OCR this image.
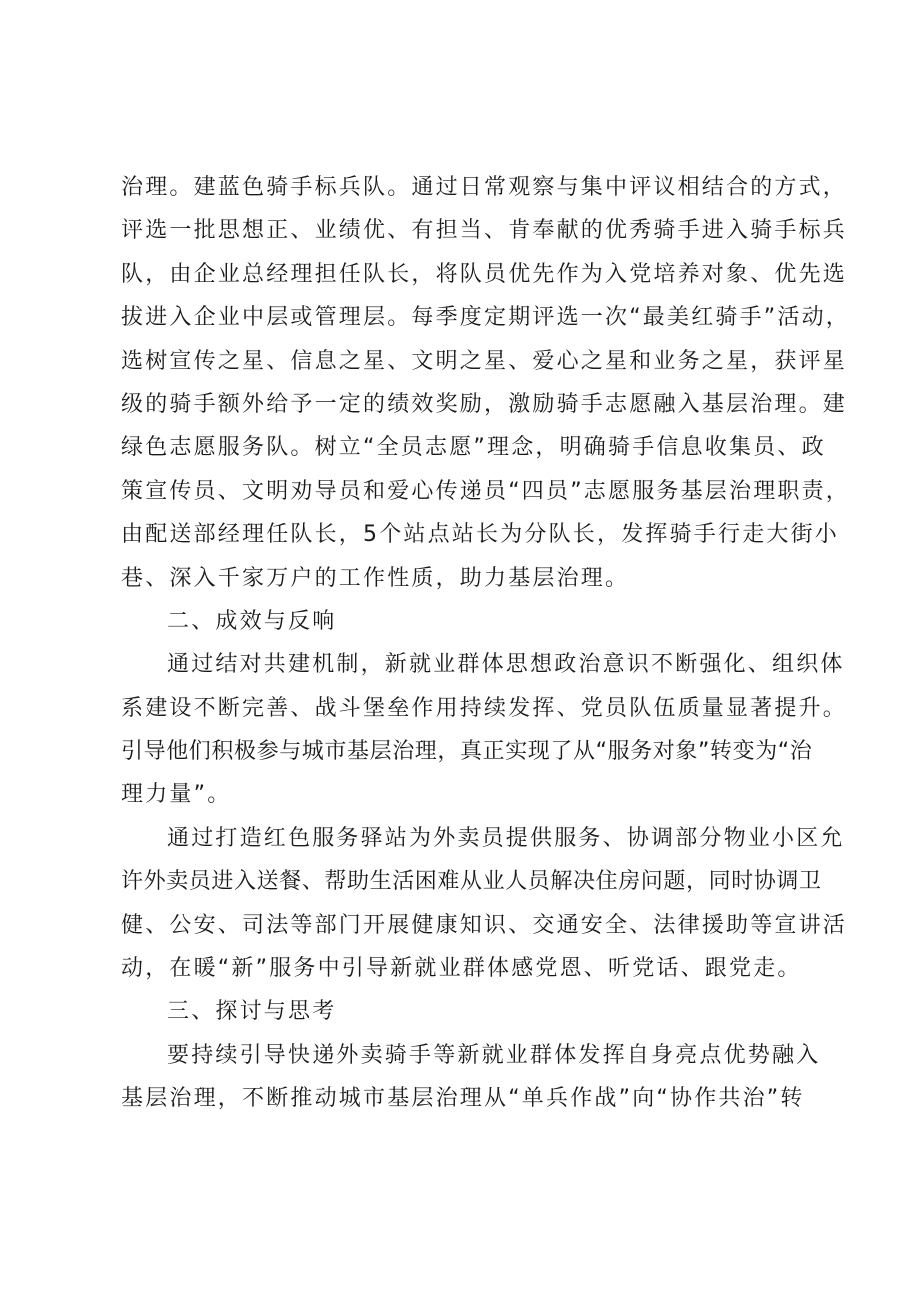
治理。建蓝色骑手标兵队。通过日常观察与集中评议相结合的方式，
评选一批思想正、业绩优、有担当、肯奉献的优秀骑手进入骑手标兵
队，由企业总经理担任队长，将队员优先作为入党培养对象、优先选
拔进入企业中层或管理层。每季度定期评选一次“最美红骑手”活动，
选树宣传之星、信息之星、文明之星、爱心之星和业务之星，获评星
级的骑手额外给予一定的绩效奖励，激励骑手志愿融入基层治理。建
绿色志愿服务队。树立“全员志愿”理念，明确骑手信息收集员、政
策宣传员、文明劝导员和爱心传递员“四员”志愿服务基层治理职责，
由配送部经理任队长，5个站点站长为分队长，发挥骑手行走大街小
巷、深入千家万户的工作性质，助力基层治理。
二、成效与反响
通过结对共建机制，新就业群体思想政治意识不断强化、组织体
系建设不断完善、战斗堡垒作用持续发挥、党员队伍质量显著提升。
引导他们积极参与城市基层治理，真正实现了从“服务对象”转变为“治
理力量”。
通过打造红色服务驿站为外卖员提供服务、协调部分物业小区允
许外卖员进入送餐、帮助生活困难从业人员解决住房问题，同时协调卫
健、公安、司法等部门开展健康知识、交通安全、法律援助等宣讲活
动，在暖“新”服务中引导新就业群体感党恩、听党话、跟党走。
三、探讨与思考
要持续引导快递外卖骑手等新就业群体发挥自身亮点优势融入
基层治理，不断推动城市基层治理从“单兵作战”向“协作共治”转
